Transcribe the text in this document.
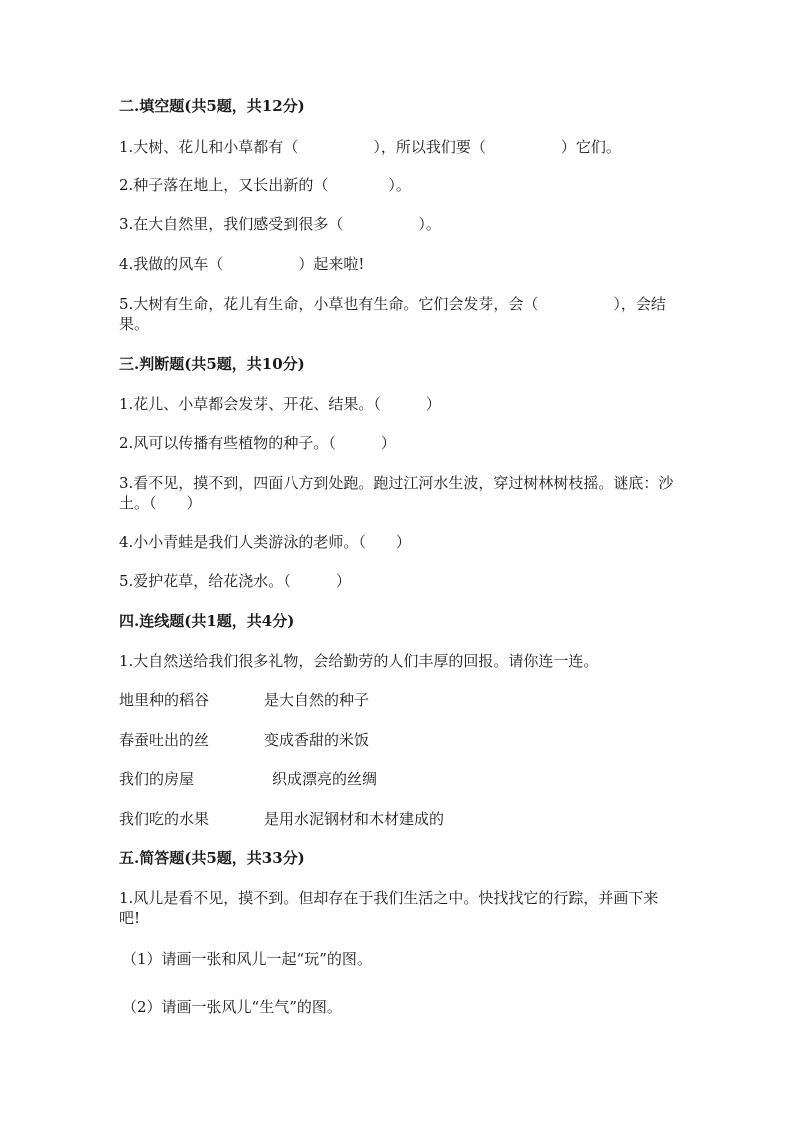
二.填空题(共5题，共12分)
1.大树、花儿和小草都有（　　　　　），所以我们要（　　　　　）它们。
2.种子落在地上，又长出新的（　　　　）。
3.在大自然里，我们感受到很多（　　　　　）。
4.我做的风车（　　　　　）起来啦!
5.大树有生命，花儿有生命，小草也有生命。它们会发芽，会（　　　　　），会结果。
三.判断题(共5题，共10分)
1.花儿、小草都会发芽、开花、结果。（　　　）
2.风可以传播有些植物的种子。（　　　）
3.看不见，摸不到，四面八方到处跑。跑过江河水生波，穿过树林树枝摇。谜底：沙土。（　　）
4.小小青蛙是我们人类游泳的老师。（　　）
5.爱护花草，给花浇水。（　　　）
四.连线题(共1题，共4分)
1.大自然送给我们很多礼物，会给勤劳的人们丰厚的回报。请你连一连。
地里种的稻谷	是大自然的种子
春蚕吐出的丝	变成香甜的米饭
我们的房屋	织成漂亮的丝绸
我们吃的水果	是用水泥钢材和木材建成的
五.简答题(共5题，共33分)
1.风儿是看不见，摸不到。但却存在于我们生活之中。快找找它的行踪，并画下来吧!
（1）请画一张和风儿一起“玩”的图。
（2）请画一张风儿“生气”的图。
